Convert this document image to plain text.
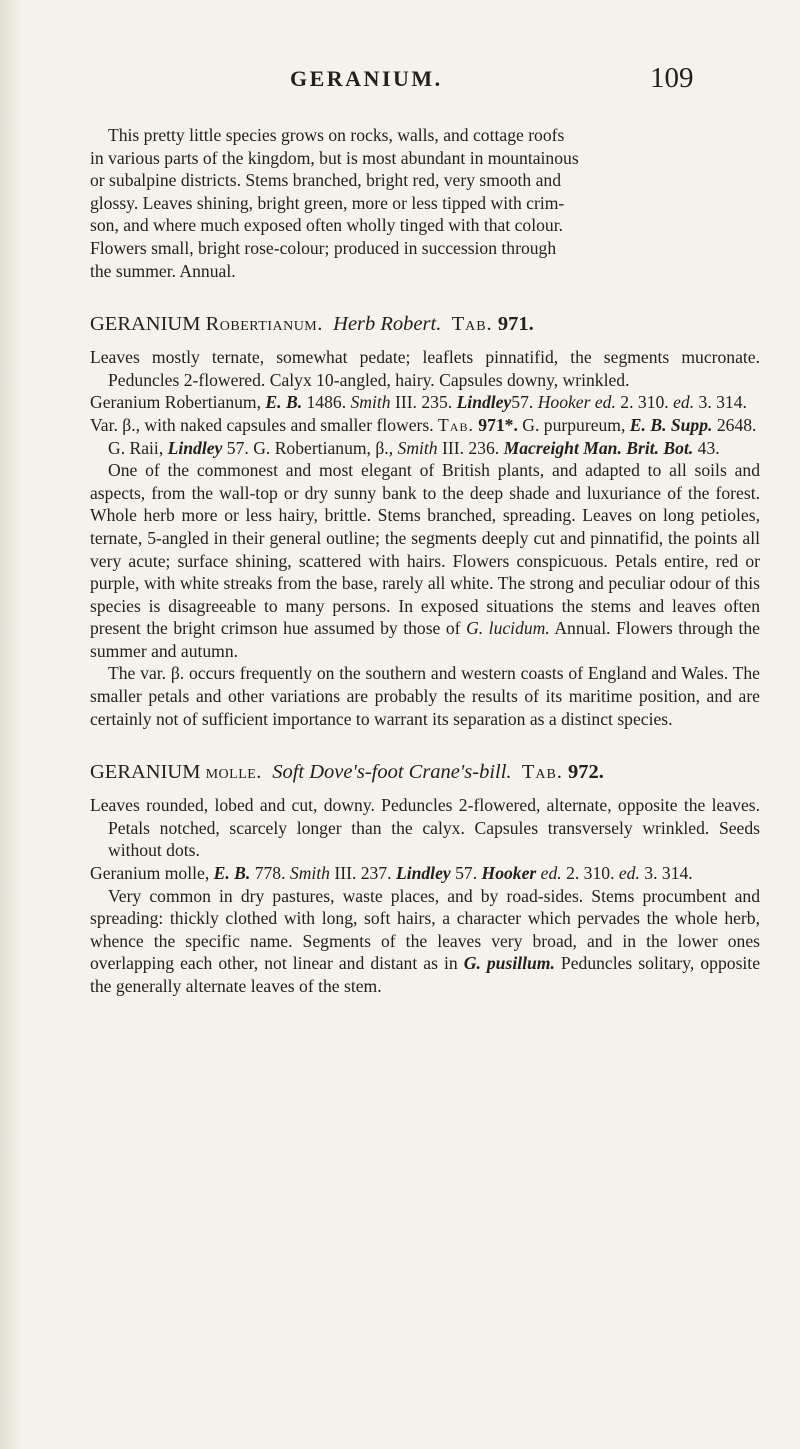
GERANIUM.	109
This pretty little species grows on rocks, walls, and cottage roofs
in various parts of the kingdom, but is most abundant in mountainous
or subalpine districts. Stems branched, bright red, very smooth and
glossy. Leaves shining, bright green, more or less tipped with crim-
son, and where much exposed often wholly tinged with that colour.
Flowers small, bright rose-colour; produced in succession through
the summer. Annual.

GERANIUM Robertianum. Herb Robert. Tab. 971.

Leaves mostly ternate, somewhat pedate; leaflets pinnatifid, the segments mucronate. Peduncles 2-flowered. Calyx 10-angled, hairy. Capsules downy, wrinkled.

Geranium Robertianum, E. B. 1486. Smith III. 235. Lindley57. Hooker ed. 2. 310. ed. 3. 314.

Var. β., with naked capsules and smaller flowers. Tab. 971*. G. purpureum, E. B. Supp. 2648. G. Raii, Lindley 57. G. Robertianum, β., Smith III. 236. Macreight Man. Brit. Bot. 43.

One of the commonest and most elegant of British plants, and adapted to all soils and aspects, from the wall-top or dry sunny bank to the deep shade and luxuriance of the forest. Whole herb more or less hairy, brittle. Stems branched, spreading. Leaves on long petioles, ternate, 5-angled in their general outline; the segments deeply cut and pinnatifid, the points all very acute; surface shining, scattered with hairs. Flowers conspicuous. Petals entire, red or purple, with white streaks from the base, rarely all white. The strong and peculiar odour of this species is disagreeable to many persons. In exposed situations the stems and leaves often present the bright crimson hue assumed by those of G. lucidum. Annual. Flowers through the summer and autumn.

The var. β. occurs frequently on the southern and western coasts of England and Wales. The smaller petals and other variations are probably the results of its maritime position, and are certainly not of sufficient importance to warrant its separation as a distinct species.

GERANIUM molle. Soft Dove's-foot Crane's-bill. Tab. 972.

Leaves rounded, lobed and cut, downy. Peduncles 2-flowered, alternate, opposite the leaves. Petals notched, scarcely longer than the calyx. Capsules transversely wrinkled. Seeds without dots.

Geranium molle, E. B. 778. Smith III. 237. Lindley 57. Hooker ed. 2. 310. ed. 3. 314.

Very common in dry pastures, waste places, and by road-sides. Stems procumbent and spreading: thickly clothed with long, soft hairs, a character which pervades the whole herb, whence the specific name. Segments of the leaves very broad, and in the lower ones overlapping each other, not linear and distant as in G. pusillum. Peduncles solitary, opposite the generally alternate leaves of the stem.
